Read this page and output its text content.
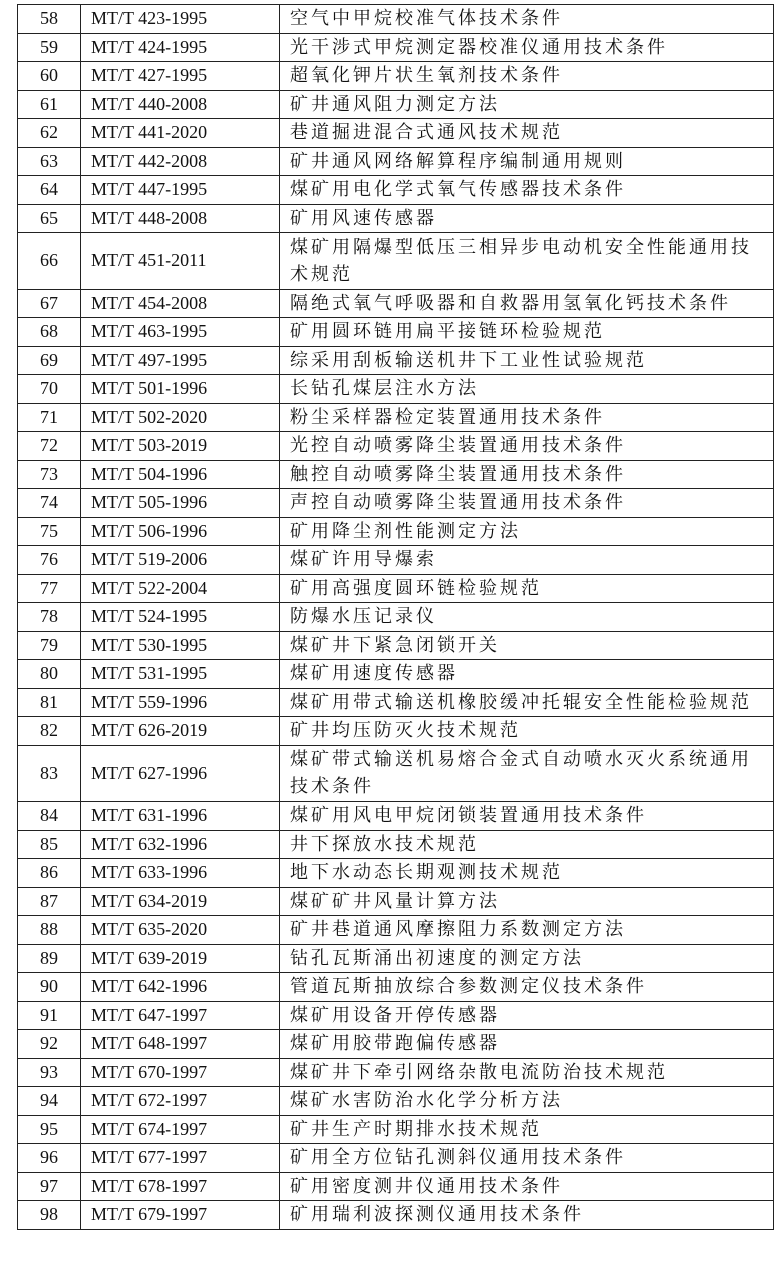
58	MT/T 423-1995	空气中甲烷校准气体技术条件
59	MT/T 424-1995	光干涉式甲烷测定器校准仪通用技术条件
60	MT/T 427-1995	超氧化钾片状生氧剂技术条件
61	MT/T 440-2008	矿井通风阻力测定方法
62	MT/T 441-2020	巷道掘进混合式通风技术规范
63	MT/T 442-2008	矿井通风网络解算程序编制通用规则
64	MT/T 447-1995	煤矿用电化学式氧气传感器技术条件
65	MT/T 448-2008	矿用风速传感器
66	MT/T 451-2011	煤矿用隔爆型低压三相异步电动机安全性能通用技术规范
67	MT/T 454-2008	隔绝式氧气呼吸器和自救器用氢氧化钙技术条件
68	MT/T 463-1995	矿用圆环链用扁平接链环检验规范
69	MT/T 497-1995	综采用刮板输送机井下工业性试验规范
70	MT/T 501-1996	长钻孔煤层注水方法
71	MT/T 502-2020	粉尘采样器检定装置通用技术条件
72	MT/T 503-2019	光控自动喷雾降尘装置通用技术条件
73	MT/T 504-1996	触控自动喷雾降尘装置通用技术条件
74	MT/T 505-1996	声控自动喷雾降尘装置通用技术条件
75	MT/T 506-1996	矿用降尘剂性能测定方法
76	MT/T 519-2006	煤矿许用导爆索
77	MT/T 522-2004	矿用高强度圆环链检验规范
78	MT/T 524-1995	防爆水压记录仪
79	MT/T 530-1995	煤矿井下紧急闭锁开关
80	MT/T 531-1995	煤矿用速度传感器
81	MT/T 559-1996	煤矿用带式输送机橡胶缓冲托辊安全性能检验规范
82	MT/T 626-2019	矿井均压防灭火技术规范
83	MT/T 627-1996	煤矿带式输送机易熔合金式自动喷水灭火系统通用技术条件
84	MT/T 631-1996	煤矿用风电甲烷闭锁装置通用技术条件
85	MT/T 632-1996	井下探放水技术规范
86	MT/T 633-1996	地下水动态长期观测技术规范
87	MT/T 634-2019	煤矿矿井风量计算方法
88	MT/T 635-2020	矿井巷道通风摩擦阻力系数测定方法
89	MT/T 639-2019	钻孔瓦斯涌出初速度的测定方法
90	MT/T 642-1996	管道瓦斯抽放综合参数测定仪技术条件
91	MT/T 647-1997	煤矿用设备开停传感器
92	MT/T 648-1997	煤矿用胶带跑偏传感器
93	MT/T 670-1997	煤矿井下牵引网络杂散电流防治技术规范
94	MT/T 672-1997	煤矿水害防治水化学分析方法
95	MT/T 674-1997	矿井生产时期排水技术规范
96	MT/T 677-1997	矿用全方位钻孔测斜仪通用技术条件
97	MT/T 678-1997	矿用密度测井仪通用技术条件
98	MT/T 679-1997	矿用瑞利波探测仪通用技术条件
